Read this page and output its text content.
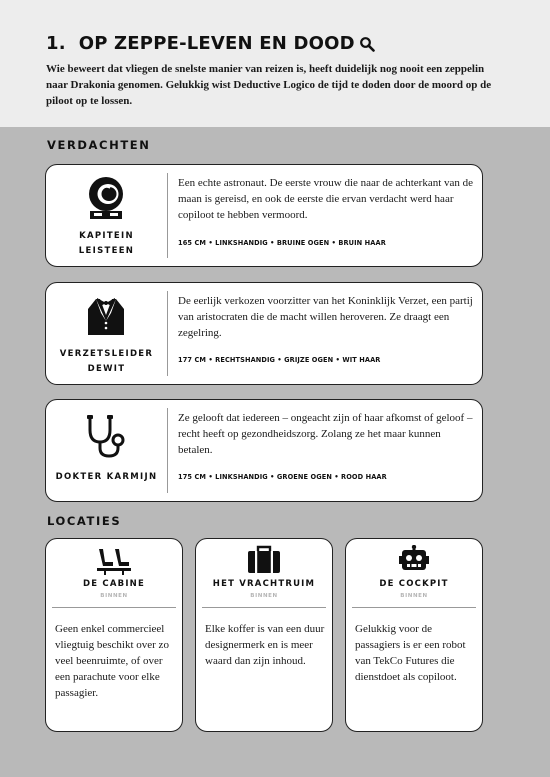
1.  OP ZEPPE-LEVEN EN DOOD

Wie beweert dat vliegen de snelste manier van reizen is, heeft duidelijk nog nooit een zeppelin naar Drakonia genomen. Gelukkig wist Deductive Logico de tijd te doden door de moord op de piloot op te lossen.

VERDACHTEN
KAPITEIN
LEISTEEN

Een echte astronaut. De eerste vrouw die naar de achterkant van de maan is gereisd, en ook de eerste die ervan verdacht werd haar copiloot te hebben vermoord.

165 CM • LINKSHANDIG • BRUINE OGEN • BRUIN HAAR
VERZETSLEIDER
DEWIT

De eerlijk verkozen voorzitter van het Koninklijk Verzet, een partij van aristocraten die de macht willen heroveren. Ze draagt een zegelring.

177 CM • RECHTSHANDIG • GRIJZE OGEN • WIT HAAR
DOKTER KARMIJN

Ze gelooft dat iedereen – ongeacht zijn of haar afkomst of geloof – recht heeft op gezondheidszorg. Zolang ze het maar kunnen betalen.

175 CM • LINKSHANDIG • GROENE OGEN • ROOD HAAR
LOCATIES
DE CABINE
BINNEN

Geen enkel commercieel vliegtuig beschikt over zo veel beenruimte, of over een parachute voor elke passagier.

HET VRACHTRUIM
BINNEN

Elke koffer is van een duur designermerk en is meer waard dan zijn inhoud.

DE COCKPIT
BINNEN

Gelukkig voor de passagiers is er een robot van TekCo Futures die dienstdoet als copiloot.
